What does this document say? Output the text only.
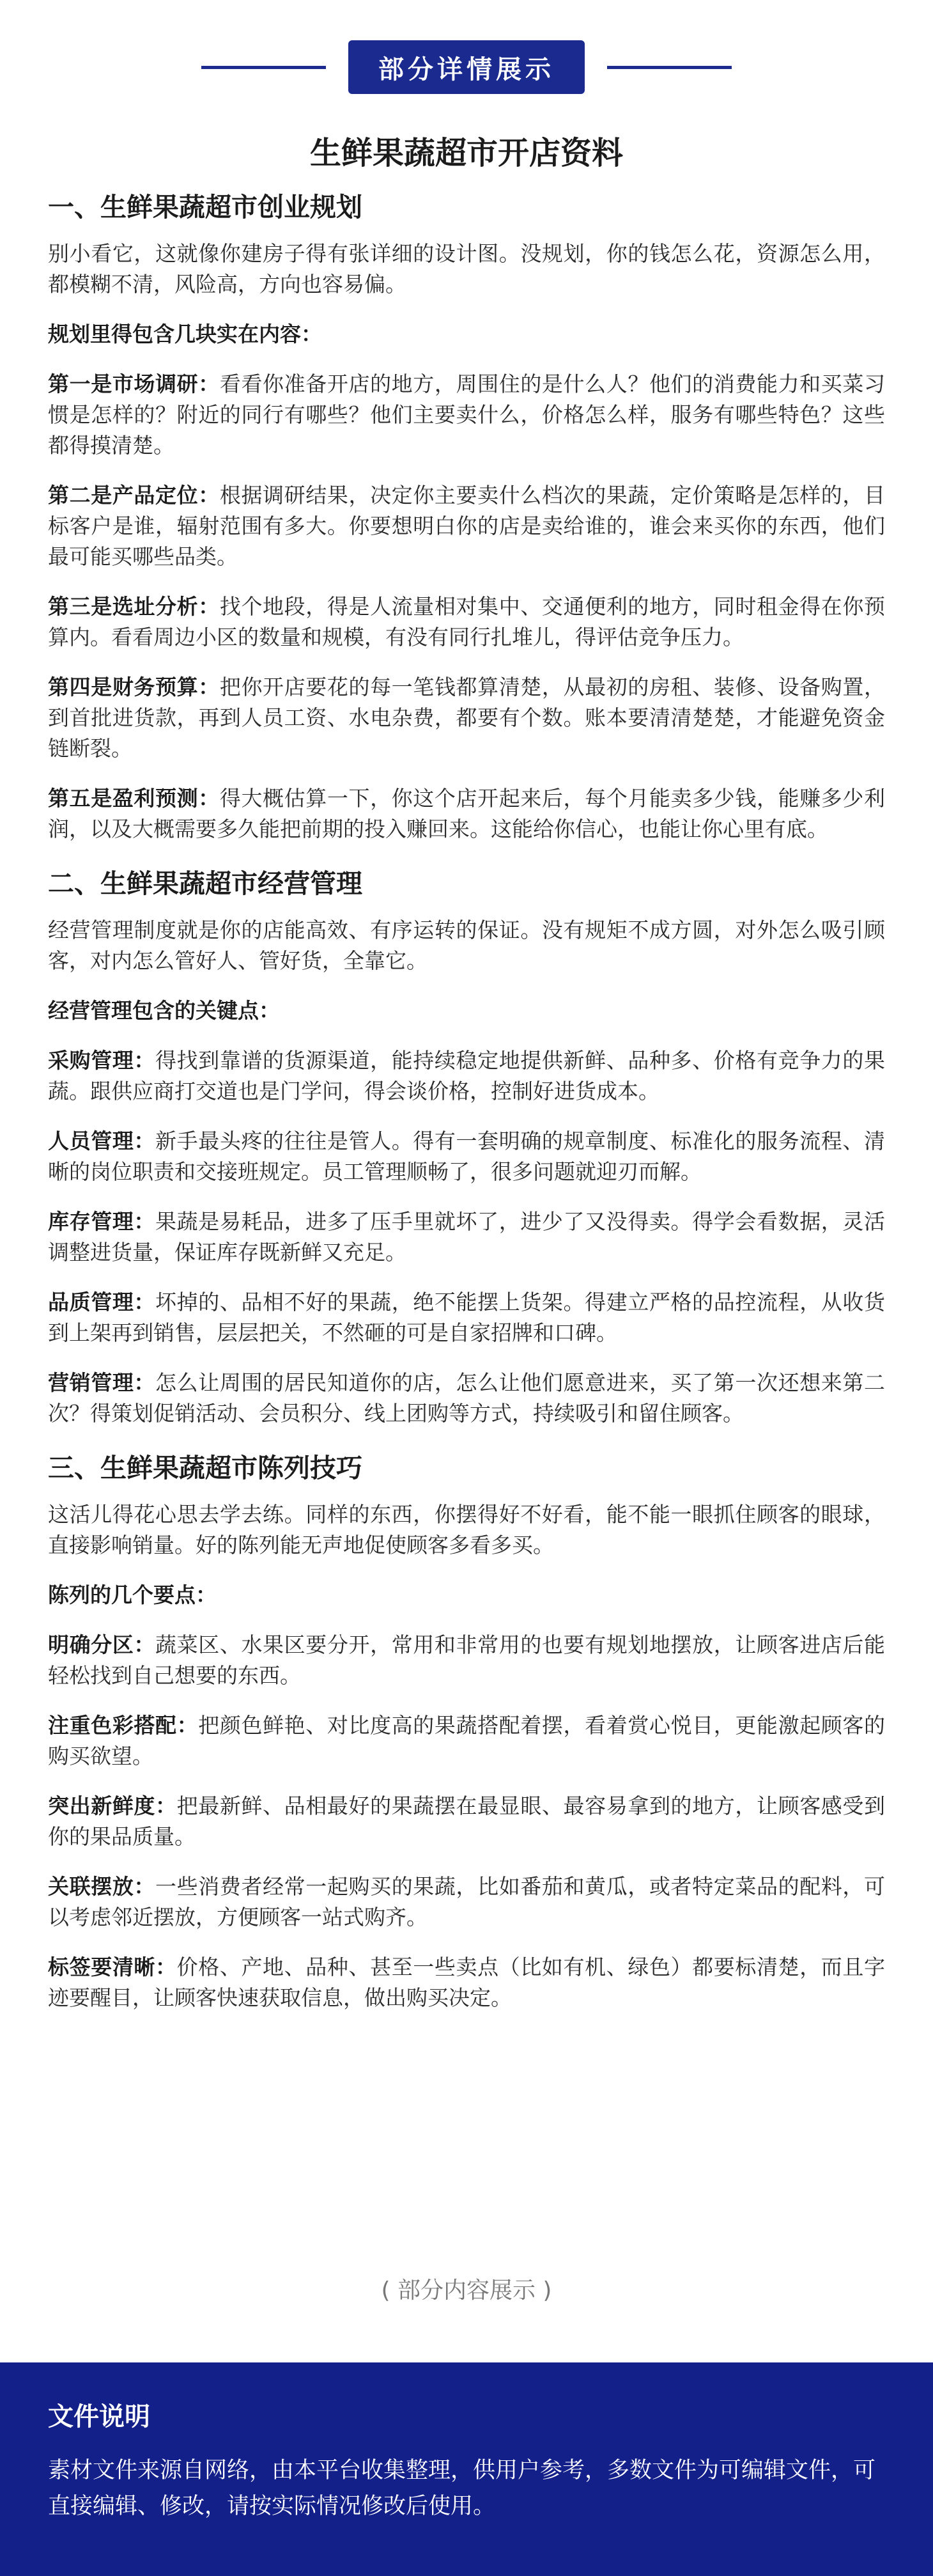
部分详情展示
生鲜果蔬超市开店资料
一、生鲜果蔬超市创业规划

别小看它，这就像你建房子得有张详细的设计图。没规划，你的钱怎么花，资源怎么用，都模糊不清，风险高，方向也容易偏。

规划里得包含几块实在内容：

第一是市场调研：看看你准备开店的地方，周围住的是什么人？他们的消费能力和买菜习惯是怎样的？附近的同行有哪些？他们主要卖什么，价格怎么样，服务有哪些特色？这些都得摸清楚。

第二是产品定位：根据调研结果，决定你主要卖什么档次的果蔬，定价策略是怎样的，目标客户是谁，辐射范围有多大。你要想明白你的店是卖给谁的，谁会来买你的东西，他们最可能买哪些品类。

第三是选址分析：找个地段，得是人流量相对集中、交通便利的地方，同时租金得在你预算内。看看周边小区的数量和规模，有没有同行扎堆儿，得评估竞争压力。

第四是财务预算：把你开店要花的每一笔钱都算清楚，从最初的房租、装修、设备购置，到首批进货款，再到人员工资、水电杂费，都要有个数。账本要清清楚楚，才能避免资金链断裂。

第五是盈利预测：得大概估算一下，你这个店开起来后，每个月能卖多少钱，能赚多少利润，以及大概需要多久能把前期的投入赚回来。这能给你信心，也能让你心里有底。

二、生鲜果蔬超市经营管理

经营管理制度就是你的店能高效、有序运转的保证。没有规矩不成方圆，对外怎么吸引顾客，对内怎么管好人、管好货，全靠它。

经营管理包含的关键点：

采购管理：得找到靠谱的货源渠道，能持续稳定地提供新鲜、品种多、价格有竞争力的果蔬。跟供应商打交道也是门学问，得会谈价格，控制好进货成本。

人员管理：新手最头疼的往往是管人。得有一套明确的规章制度、标准化的服务流程、清晰的岗位职责和交接班规定。员工管理顺畅了，很多问题就迎刃而解。

库存管理：果蔬是易耗品，进多了压手里就坏了，进少了又没得卖。得学会看数据，灵活调整进货量，保证库存既新鲜又充足。

品质管理：坏掉的、品相不好的果蔬，绝不能摆上货架。得建立严格的品控流程，从收货到上架再到销售，层层把关，不然砸的可是自家招牌和口碑。

营销管理：怎么让周围的居民知道你的店，怎么让他们愿意进来，买了第一次还想来第二次？得策划促销活动、会员积分、线上团购等方式，持续吸引和留住顾客。

三、生鲜果蔬超市陈列技巧

这活儿得花心思去学去练。同样的东西，你摆得好不好看，能不能一眼抓住顾客的眼球，直接影响销量。好的陈列能无声地促使顾客多看多买。

陈列的几个要点：

明确分区：蔬菜区、水果区要分开，常用和非常用的也要有规划地摆放，让顾客进店后能轻松找到自己想要的东西。

注重色彩搭配：把颜色鲜艳、对比度高的果蔬搭配着摆，看着赏心悦目，更能激起顾客的购买欲望。

突出新鲜度：把最新鲜、品相最好的果蔬摆在最显眼、最容易拿到的地方，让顾客感受到你的果品质量。

关联摆放：一些消费者经常一起购买的果蔬，比如番茄和黄瓜，或者特定菜品的配料，可以考虑邻近摆放，方便顾客一站式购齐。

标签要清晰：价格、产地、品种、甚至一些卖点（比如有机、绿色）都要标清楚，而且字迹要醒目，让顾客快速获取信息，做出购买决定。

( 部分内容展示 )
文件说明
素材文件来源自网络，由本平台收集整理，供用户参考，多数文件为可编辑文件，可直接编辑、修改，请按实际情况修改后使用。
